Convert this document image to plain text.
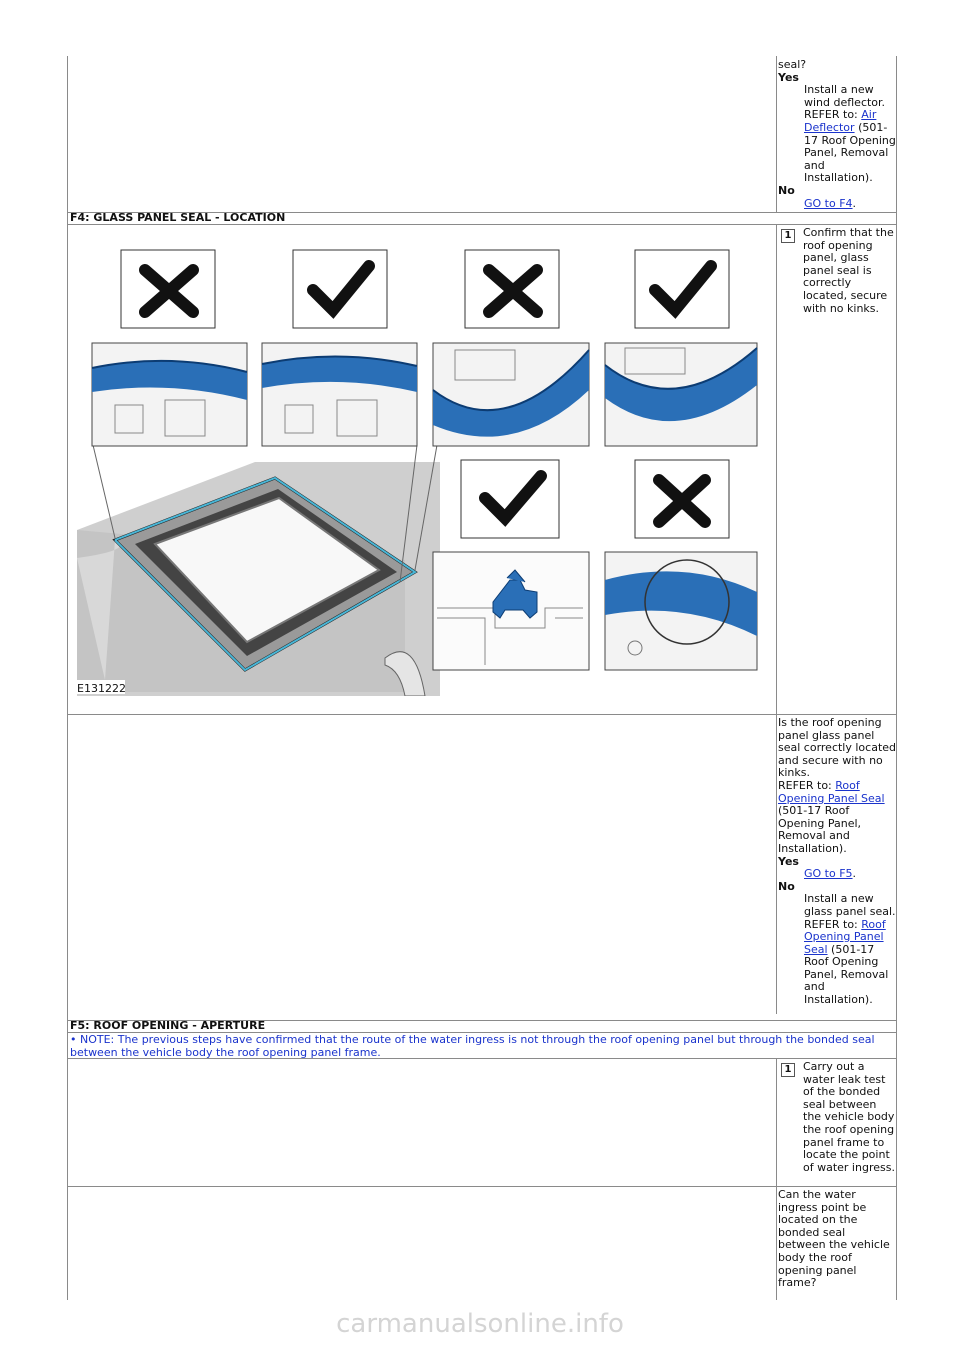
seal?
Yes
Install a new wind deflector.
REFER to: Air Deflector (501-17 Roof Opening Panel, Removal and Installation).
No
GO to F4.
F4: GLASS PANEL SEAL - LOCATION
1	Confirm that the roof opening panel, glass panel seal is correctly located, secure with no kinks.
E131222
Is the roof opening panel glass panel seal correctly located and secure with no kinks.
REFER to: Roof Opening Panel Seal
(501-17 Roof Opening Panel, Removal and Installation).
Yes
GO to F5.
No
Install a new glass panel seal.
REFER to: Roof Opening Panel Seal (501-17 Roof Opening Panel, Removal and Installation).
F5: ROOF OPENING - APERTURE
• NOTE: The previous steps have confirmed that the route of the water ingress is not through the roof opening panel but through the bonded seal between the vehicle body the roof opening panel frame.
1	Carry out a water leak test of the bonded seal between the vehicle body the roof opening panel frame to locate the point of water ingress.
Can the water ingress point be located on the bonded seal between the vehicle body the roof opening panel frame?
carmanualsonline.info
